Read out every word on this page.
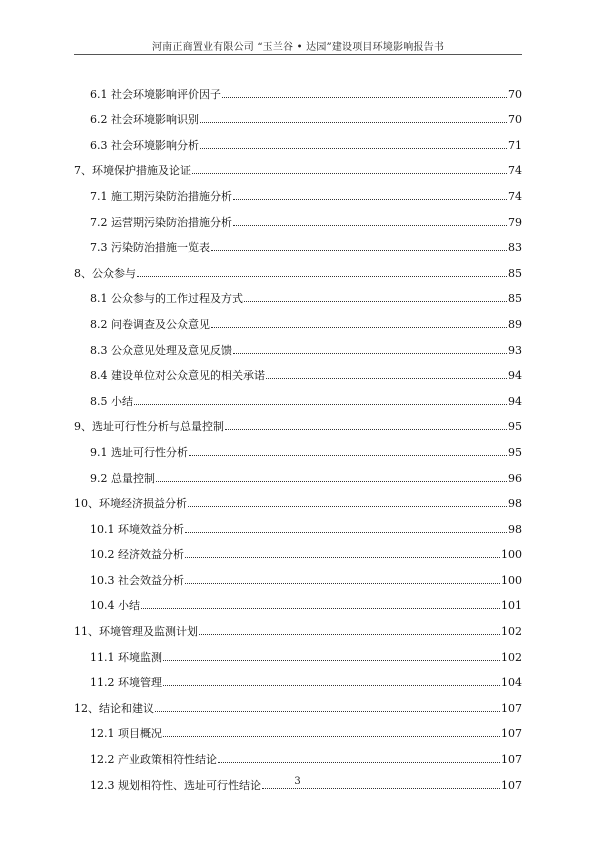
河南正商置业有限公司 “玉兰谷 • 达园”建设项目环境影响报告书
6.1 社会环境影响评价因子	70
6.2 社会环境影响识别	70
6.3 社会环境影响分析	71
7、环境保护措施及论证	74
7.1 施工期污染防治措施分析	74
7.2 运营期污染防治措施分析	79
7.3 污染防治措施一览表	83
8、公众参与	85
8.1 公众参与的工作过程及方式	85
8.2 问卷调查及公众意见	89
8.3 公众意见处理及意见反馈	93
8.4 建设单位对公众意见的相关承诺	94
8.5 小结	94
9、选址可行性分析与总量控制	95
9.1 选址可行性分析	95
9.2 总量控制	96
10、环境经济损益分析	98
10.1 环境效益分析	98
10.2 经济效益分析	100
10.3 社会效益分析	100
10.4 小结	101
11、环境管理及监测计划	102
11.1 环境监测	102
11.2 环境管理	104
12、结论和建议	107
12.1 项目概况	107
12.2 产业政策相符性结论	107
12.3 规划相符性、选址可行性结论	107
3
